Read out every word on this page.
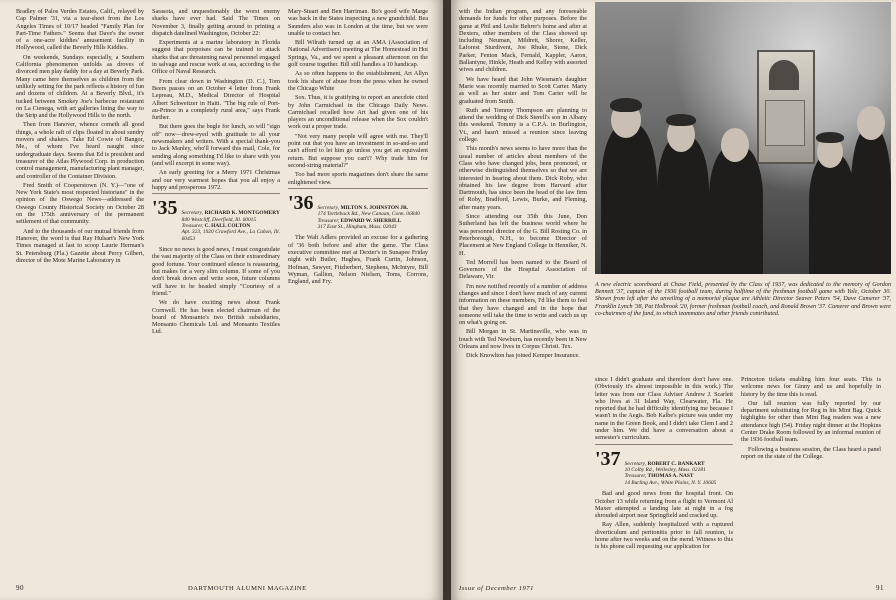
Bradley of Palos Verdes Estates, Calif., relayed by Cap Palmer '31, via a tear-sheet from the Los Angeles Times of 10/17 headed "Family Plan for Part-Time Fathers." Seems that Dave's the owner of a one-acre kiddies' amusement facility in Hollywood, called the Beverly Hills Kiddies.

On weekends, Sundays especially, a Southern California phenomenon unfolds as droves of divorced men play daddy for a day at Beverly Park. Many came here themselves as children from the unlikely setting for the park reflects a history of fun and dozens of children. At a Beverly Blvd., it's tucked between Smokey Joe's barbecue restaurant on La Cienega, with art galleries lining the way to the Strip and the Hollywood Hills to the north.

Then from Hanover, whence cometh all good things, a whole raft of clips floated in about sundry movers and shakers. Take Ed Cowie of Bangor, Me., of whom I've heard naught since undergraduate days. Seems that Ed is president and treasurer of the Atlas Plywood Corp. in production control management, manufacturing plant manager, and controller of the Container Division.

Fred Smith of Cooperstown (N. Y.)—"one of New York State's most respected historians" in the opinion of the Oswego News—addressed the Oswego County Historical Society on October 28 on the 175th anniversary of the permanent settlement of that community.

And to the thousands of our mutual friends from Hanover, the word is that Ray Hulsart's New York Times managed at last to scoop Laurie Herman's St. Petersburg (Fla.) Gazette about Percy Gilbert, director of the Mote Marine Laboratory in

Sarasota, and unquestionably the worst enemy sharks have ever had. Said The Times on November 3, finally getting around to printing a dispatch datelined Washington, October 22:

Experiments at a marine laboratory in Florida suggest that porpoises can be trained to attack sharks that are threatening naval personnel engaged in salvage and rescue work at sea, according to the Office of Naval Research.

From clear down in Washington (D. C.), Tom Beers passes on an October 4 letter from Frank Lepreau, M.D., Medical Director of Hospital Albert Schweitzer in Haiti. "The big rule of Port-au-Prince in a completely rural area," says Frank further.

But there goes the bugle for lunch, so will "sign off" now—drew-eyed with gratitude to all your newsmakers and writers. With a special thank-you to Jack Manley, who'll forward this mail, Cole, for sending along something I'd like to share with you (and will excerpt in some way).

An early greeting for a Merry 1971 Christmas and our very warmest hopes that you all enjoy a happy and prosperous 1972.

'35 Secretary, RICHARD K. MONTGOMERY
840 Westcliff, Deerfield, Ill. 60015
Treasurer, C. HALL COLTON
Apt. 323, 1920 Crawford Ave., La Cañon, Ill. 60453

Since no news is good news, I must congratulate the vast majority of the Class on their extraordinary good fortune. Your continued silence is reassuring, but makes for a very slim column. If some of you don't break down and write soon, future columns will have to be headed simply "Courtesy of a friend."

We do have exciting news about Frank Cornwell. He has been elected chairman of the board of Monsanto's two British subsidiaries, Monsanto Chemicals Ltd. and Monsanto Textiles Ltd.

Mary-Stuart and Ben Harriman. Bo's good wife Marge was back in the States inspecting a new grandchild. Bea Saunders also was in London at the time, but we were unable to contact her.

Bill Wilrath turned up at an AMA (Association of National Advertisers) meeting at The Homestead in Hot Springs, Va., and we spent a pleasant afternoon on the golf course together. Bill still handles a 10 handicap.

As so often happens to the establishment, Art Allyn took his share of abuse from the press when he owned the Chicago White

Sox. Thus, it is gratifying to report an anecdote cited by John Carmichael in the Chicago Daily News. Carmichael recalled how Art had given one of his players an unconditional release when the Sox couldn't work out a proper trade.

"Not very many people will agree with me. They'll point out that you have an investment in so-and-so and can't afford to let him go unless you get an equivalent return. But suppose you can't? Why trade him for second-string material?"

Too bad more sports magazines don't share the same enlightened view.

'36 Secretary, MILTON S. JOHNSTON JR.
174 Tortleback Rd., New Canaan, Conn. 06840
Treasurer, EDWARD W. SHERRILL
317 East St., Hingham, Mass. 02043

The Walt Adlers provided an excuse for a gathering of '36 both before and after the game. The Class executive committee met at Dexter's in Sunapee Friday night with Butler, Hughes, Frank Curtin, Johnson, Hofman, Sawyer, Fitzherbert, Stephens, McIntyre, Bill Wyman, Gallion, Nelson Nielsen, Toms, Corrons, England, and Fry.

90	DARTMOUTH ALUMNI MAGAZINE

with the Indian program, and any foreseeable demands for funds for other purposes. Before the game at Phil and Leslie Behrer's home and after at Dexters, other members of the Class showed up including Neuman, Mildrett, Shorer, Keller, Laforest Sturdivent, Joe Rhuke, Stone, Dick Parker, Fenton Mack, Fernald, Kappler, Aaron, Ballantyne, Hinkle, Heath and Kelley with assorted wives and children.

We have heard that John Wiesman's daughter Marie was recently married to Scott Carter. Marty as well as her sister and Tom Carter will be graduated from Smith.

Ruth and Tommy Thompson are planning to attend the wedding of Dick Sterell's son in Albany this weekend. Tommy is a C.P.A. in Burlington, Vt., and hasn't missed a reunion since leaving college.

This month's news seems to have more than the usual number of articles about members of the Class who have changed jobs, been promoted, or otherwise distinguished themselves so that we are interested in hearing about them. Dick Roby, who obtained his law degree from Harvard after Dartmouth, has since been the head of the law firm of Roby, Bradford, Lewis, Burke, and Fleming, after many years.

Since attending our 35th this June, Don Sutherland has left the business world where he was personnel director of the G. Bill Rosting Co. in Peterborough, N.H., to become Director of Placement at New England College in Henniker, N. H.

Ted Morrell has been named to the Board of Governors of the Hospital Association of Delaware, Vir.

I'm now notified recently of a number of address changes and since I don't have much of any current information on these members, I'd like them to feel that they have changed and in the hope that someone will take the time to write and catch us up on what's going on.

Bill Morgan in St. Martinsville, who was in touch with Ted Newburn, has recently been in New Orleans and now lives in Corpus Christi. Tex.

Dick Knowlton has joined Kemper Insurance.

A new electric scoreboard at Chase Field, presented by the Class of 1937, was dedicated to the memory of Gordon Bennett '37, captain of the 1936 football team, during halftime of the freshman football game with Yale, October 30. Shown from left after the unveiling of a memorial plaque are Athletic Director Seaver Peters '54, Dave Camerer '37, Franklin Lynch '38, Pat Holbrook '20, former freshman football coach, and Ronald Brown '37. Camerer and Brown were co-chairmen of the fund, to which teammates and other friends contributed.

since I didn't graduate and therefore don't have one. (Obviously it's almost impossible in this work.) The letter was from our Class Adviser Andrew J. Scarlett who lives at 31 Island Way, Clearwater, Fla. He reported that he had difficulty identifying me because I wasn't in the Aegis. Bob Kalbe's picture was under my name in the Green Book, and I didn't take Clem I and 2 under him. We did have a conversation about a semester's curriculum.

'37 Secretary, ROBERT C. BANKART
10 Colby Rd., Wellesley, Mass. 02181
Treasurer, THOMAS A. NAST
14 Burling Ave., White Plains, N. Y. 10605

Bad and good news from the hospital front. On October 13 while returning from a flight to Vermont Al Maxer attempted a landing late at night in a fog shrouded airport near Springfield and cracked up.

Ray Allen, suddenly hospitalized with a ruptured diverticulum and peritonitis prior to fall reunion, is home after two weeks and on the mend. Witness to this is his phone call requesting our application for

Princeton tickets enabling him four seats. This is welcome news for Ginny and us and hopefully in history by the time this is read.

Our fall reunion was fully reported by our department substituting for Reg in his Mint Bag. Quick highlights for other than Mint Bag readers was a new attendance high (54). Friday night dinner at the Hopkins Center Drake Room followed by an informal reunion of the 1936 football team.

Following a business session, the Class heard a panel report on the state of the College.

Issue of December 1971	91
